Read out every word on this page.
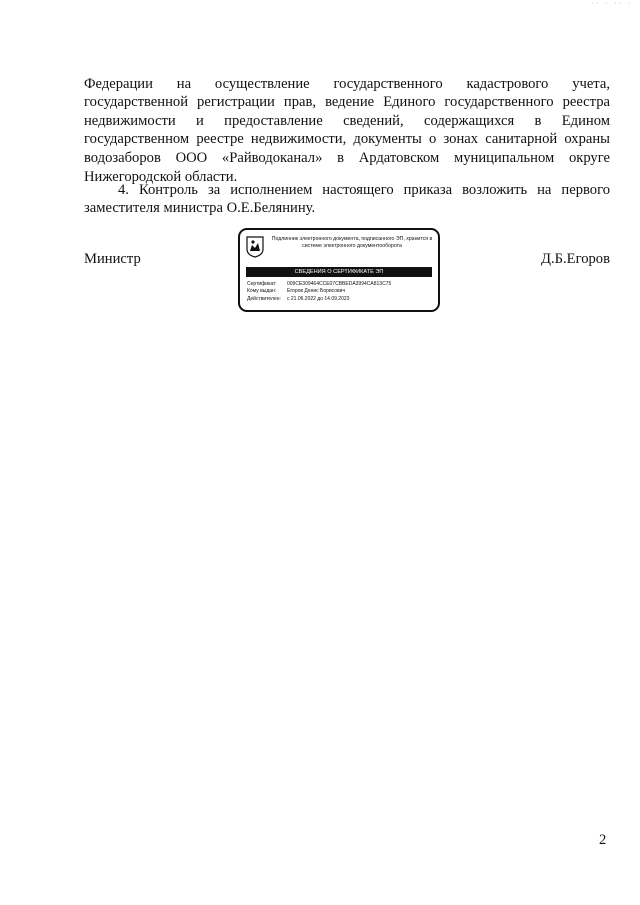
·· · ·· ·

Федерации на осуществление государственного кадастрового учета, государственной регистрации прав, ведение Единого государственного реестра недвижимости и предоставление сведений, содержащихся в Едином государственном реестре недвижимости, документы о зонах санитарной охраны водозаборов ООО «Райводоканал» в Ардатовском муниципальном округе Нижегородской области.

4. Контроль за исполнением настоящего приказа возложить на первого заместителя министра О.Е.Белянину.

Министр
Подлинник электронного документа, подписанного ЭП, хранится в системе электронного документооборота
СВЕДЕНИЯ О СЕРТИФИКАТЕ ЭП
Сертификат: 009CE309464CCE07CBBEDA3994CA813C75
Кому выдан: Егоров Денис Борисович
Действителен: с 21.06.2022 до 14.09.2023
Д.Б.Егоров
2
